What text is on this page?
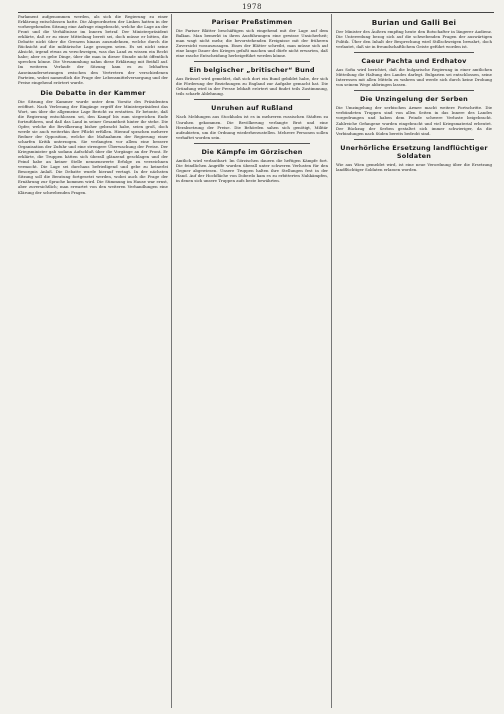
1978

Parlament aufgenommen werden, als sich die Regierung zu einer Erklärung entschlossen hatte. Die Abgeordneten der Linken hatten in der vorhergehenden Sitzung eine Anfrage eingebracht, welche die Lage an der Front und die Verhältnisse im Innern betraf. Der Ministerpräsident erklärte, daß er zu einer Mitteilung bereit sei, doch müsse er bitten, die Debatte nicht über die Grenzen hinaus auszudehnen, welche durch die Rücksicht auf die militärische Lage gezogen seien. Es sei nicht seine Absicht, irgend etwas zu verschweigen, was das Land zu wissen ein Recht habe; aber es gebe Dinge, über die man in dieser Stunde nicht öffentlich sprechen könne. Die Versammlung nahm diese Erklärung mit Beifall auf. Im weiteren Verlaufe der Sitzung kam es zu lebhaften Auseinandersetzungen zwischen den Vertretern der verschiedenen Parteien, wobei namentlich die Frage der Lebensmittelversorgung und der Preise eingehend erörtert wurde.

Die Debatte in der Kammer

Die Sitzung der Kammer wurde unter dem Vorsitz des Präsidenten eröffnet. Nach Verlesung der Eingänge ergriff der Ministerpräsident das Wort, um über die allgemeine Lage Bericht zu erstatten. Er betonte, daß die Regierung entschlossen sei, den Kampf bis zum siegreichen Ende fortzuführen, und daß das Land in seiner Gesamtheit hinter ihr stehe. Die Opfer, welche die Bevölkerung bisher gebracht habe, seien groß, doch werde sie auch weiterhin ihre Pflicht erfüllen. Hierauf sprachen mehrere Redner der Opposition, welche die Maßnahmen der Regierung einer scharfen Kritik unterzogen. Sie verlangten vor allem eine bessere Organisation der Zufuhr und eine strengere Überwachung der Preise. Der Kriegsminister gab sodann Aufschluß über die Vorgänge an der Front. Er erklärte, die Truppen hätten sich überall glänzend geschlagen und der Feind habe an keiner Stelle nennenswerte Erfolge zu verzeichnen vermocht. Die Lage sei durchaus befriedigend und gebe zu keinerlei Besorgnis Anlaß. Die Debatte wurde hierauf vertagt. In der nächsten Sitzung soll die Beratung fortgesetzt werden, wobei auch die Frage der Ernährung zur Sprache kommen wird. Die Stimmung im Hause war ernst, aber zuversichtlich; man erwartet von den weiteren Verhandlungen eine Klärung der schwebenden Fragen.

Pariser Preßstimmen

Die Pariser Blätter beschäftigen sich eingehend mit der Lage auf dem Balkan. Man bemerkt in ihren Ausführungen eine gewisse Unsicherheit; man wagt nicht mehr, die bevorstehenden Ereignisse mit der früheren Zuversicht vorauszusagen. Eines der Blätter schreibt, man müsse sich auf eine lange Dauer des Krieges gefaßt machen und dürfe nicht erwarten, daß eine rasche Entscheidung herbeigeführt werden könne.

Ein belgischer „britischer“ Bund

Aus Brüssel wird gemeldet, daß sich dort ein Bund gebildet habe, der sich die Förderung der Beziehungen zu England zur Aufgabe gemacht hat. Die Gründung wird in der Presse lebhaft erörtert und findet teils Zustimmung, teils scharfe Ablehnung.

Unruhen auf Rußland

Nach Meldungen aus Stockholm ist es in mehreren russischen Städten zu Unruhen gekommen. Die Bevölkerung verlangte Brot und eine Herabsetzung der Preise. Die Behörden sahen sich genötigt, Militär aufzubieten, um die Ordnung wiederherzustellen. Mehrere Personen sollen verhaftet worden sein.

Die Kämpfe im Görzischen

Amtlich wird verlautbart: Im Görzischen dauern die heftigen Kämpfe fort. Die feindlichen Angriffe wurden überall unter schweren Verlusten für den Gegner abgewiesen. Unsere Truppen halten ihre Stellungen fest in der Hand. Auf der Hochfläche von Doberdo kam es zu erbitterten Nahkämpfen, in denen sich unsere Truppen aufs beste bewährten.

Burian und Galli Bei

Der Minister des Äußern empfing heute den Botschafter in längerer Audienz. Die Unterredung bezog sich auf die schwebenden Fragen der auswärtigen Politik. Über den Inhalt der Besprechung wird Stillschweigen bewahrt, doch verlautet, daß sie in freundschaftlichem Geiste geführt worden ist.

Caeur Pachta und Erdhatov

Aus Sofia wird berichtet, daß die bulgarische Regierung in einer amtlichen Mitteilung die Haltung des Landes darlegt. Bulgarien sei entschlossen, seine Interessen mit allen Mitteln zu wahren und werde sich durch keine Drohung von seinem Wege abbringen lassen.

Die Unzingelung der Serben

Die Umzingelung der serbischen Armee macht weitere Fortschritte. Die verbündeten Truppen sind von allen Seiten in das Innere des Landes vorgedrungen und haben dem Feinde schwere Verluste beigebracht. Zahlreiche Gefangene wurden eingebracht und viel Kriegsmaterial erbeutet. Der Rückzug der Serben gestaltet sich immer schwieriger, da die Verbindungen nach Süden bereits bedroht sind.

Unerhörliche Ersetzung landflüchtiger Soldaten

Wie aus Wien gemeldet wird, ist eine neue Verordnung über die Ersetzung landflüchtiger Soldaten erlassen worden.
